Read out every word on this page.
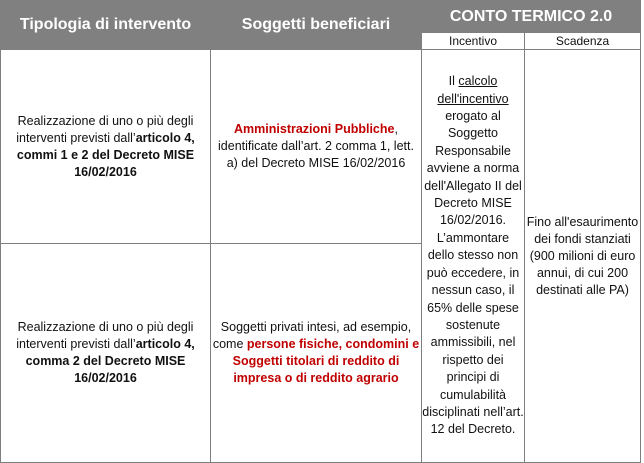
Tipologia di intervento	Soggetti beneficiari	CONTO TERMICO 2.0	
		Incentivo	Scadenza
Realizzazione di uno o più degli interventi previsti dall’articolo 4, commi 1 e 2 del Decreto MISE 16/02/2016	Amministrazioni Pubbliche, identificate dall’art. 2 comma 1, lett. a) del Decreto MISE 16/02/2016	Il calcolo dell'incentivo erogato al Soggetto Responsabile avviene a norma dell'Allegato II del Decreto MISE 16/02/2016. L’ammontare dello stesso non può eccedere, in nessun caso, il 65% delle spese sostenute ammissibili, nel rispetto dei principi di cumulabilità disciplinati nell’art. 12 del Decreto.	Fino all'esaurimento dei fondi stanziati (900 milioni di euro annui, di cui 200 destinati alle PA)
Realizzazione di uno o più degli interventi previsti dall’articolo 4, comma 2 del Decreto MISE 16/02/2016	Soggetti privati intesi, ad esempio, come persone fisiche, condomini e Soggetti titolari di reddito di impresa o di reddito agrario		
